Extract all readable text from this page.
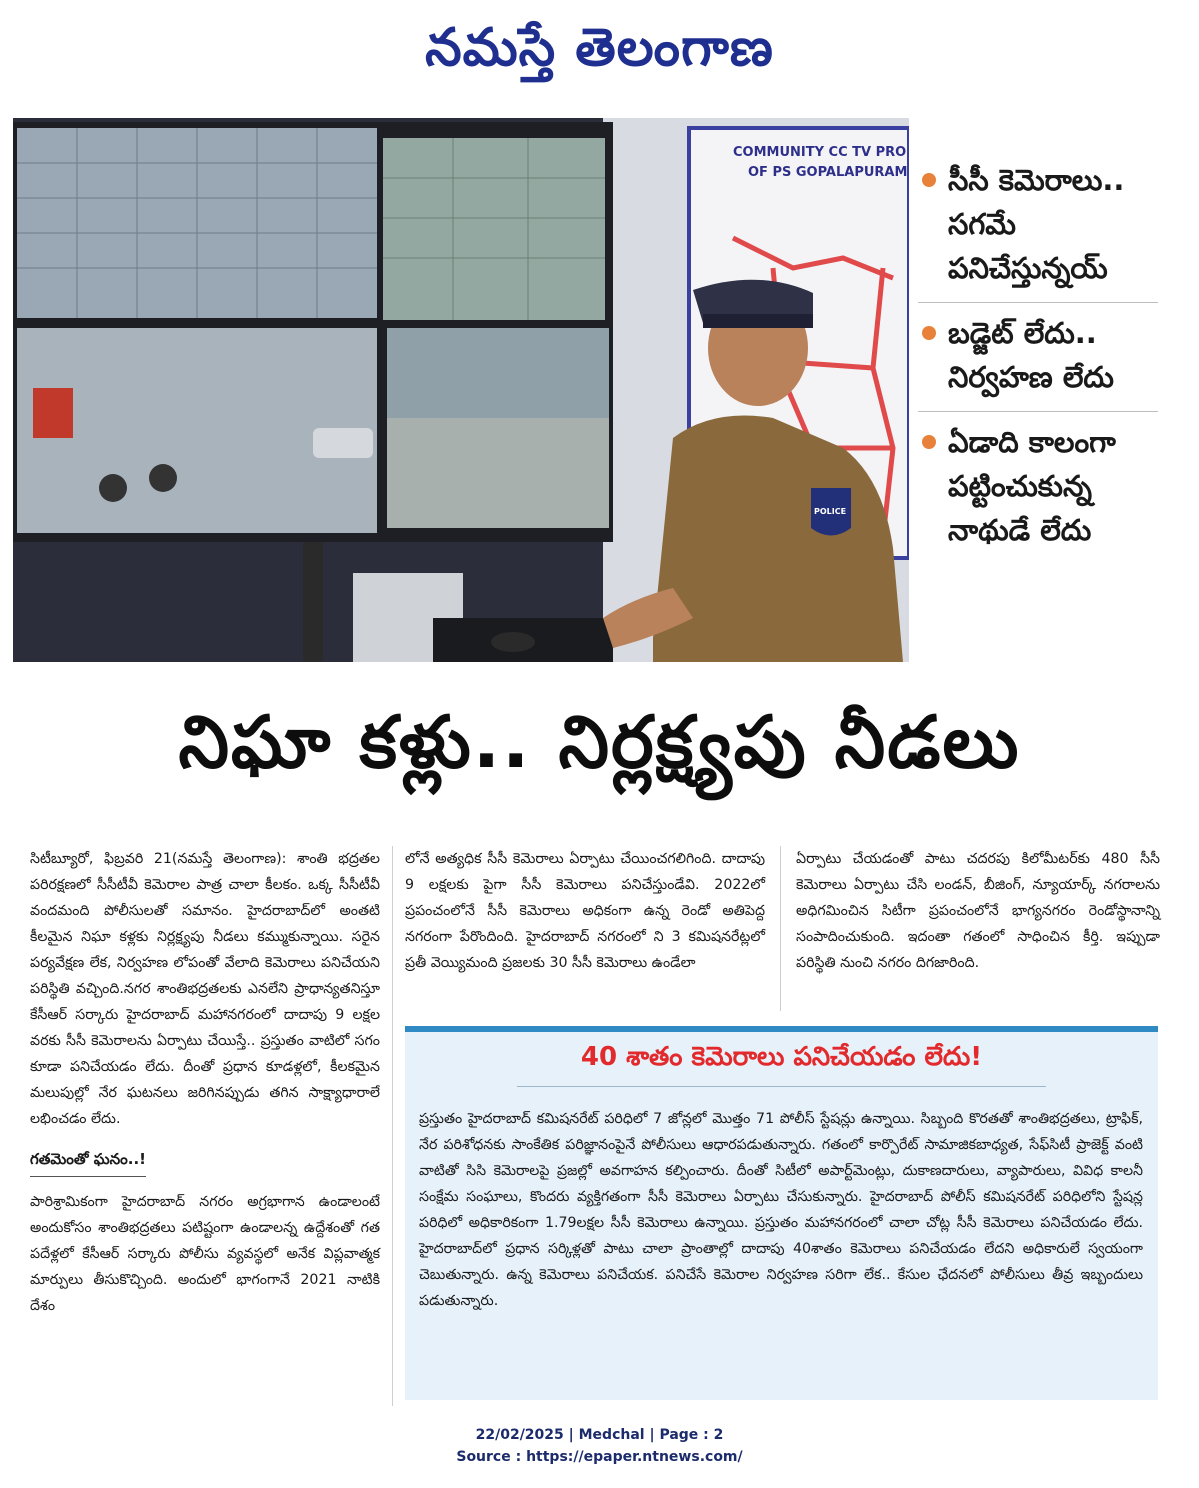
నమస్తే తెలంగాణ
COMMUNITY CC TV PRO
OF PS GOPALAPURAM
POLICE
సీసీ కెమెరాలు..
సగమే
పనిచేస్తున్నయ్
బడ్జెట్ లేదు..
నిర్వహణ లేదు
ఏడాది కాలంగా
పట్టించుకున్న
నాథుడే లేదు
నిఘా కళ్లు.. నిర్లక్ష్యపు నీడలు

సిటీబ్యూరో, ఫిబ్రవరి 21(నమస్తే తెలంగాణ): శాంతి భద్రతల పరిరక్షణలో సీసీటీవీ కెమెరాల పాత్ర చాలా కీలకం. ఒక్క సీసీటీవీ వందమంది పోలీసులతో సమానం. హైదరాబాద్‌లో అంతటి కీలమైన నిఘా కళ్లకు నిర్లక్ష్యపు నీడలు కమ్ముకున్నాయి. సరైన పర్యవేక్షణ లేక, నిర్వహణ లోపంతో వేలాది కెమెరాలు పనిచేయని పరిస్థితి వచ్చింది.నగర శాంతిభద్రతలకు ఎనలేని ప్రాధాన్యతనిస్తూ కేసీఆర్ సర్కారు హైదరాబాద్ మహానగరంలో దాదాపు 9 లక్షల వరకు సీసీ కెమెరాలను ఏర్పాటు చేయిస్తే.. ప్రస్తుతం వాటిలో సగం కూడా పనిచేయడం లేదు. దీంతో ప్రధాన కూడళ్లలో, కీలకమైన మలుపుల్లో నేర ఘటనలు జరిగినప్పుడు తగిన సాక్ష్యాధారాలే లభించడం లేదు.

గతమెంతో ఘనం..!

పారిశ్రామికంగా హైదరాబాద్ నగరం అగ్రభాగాన ఉండాలంటే అందుకోసం శాంతిభద్రతలు పటిష్టంగా ఉండాలన్న ఉద్దేశంతో గత పదేళ్లలో కేసీఆర్ సర్కారు పోలీసు వ్యవస్థలో అనేక విప్లవాత్మక మార్పులు తీసుకొచ్చింది. అందులో భాగంగానే 2021 నాటికి దేశం

లోనే అత్యధిక సీసీ కెమెరాలు ఏర్పాటు చేయించగలిగింది. దాదాపు 9 లక్షలకు పైగా సీసీ కెమెరాలు పనిచేస్తుండేవి. 2022లో ప్రపంచంలోనే సీసీ కెమెరాలు అధికంగా ఉన్న రెండో అతిపెద్ద నగరంగా పేరొందింది. హైదరాబాద్ నగరంలో ని 3 కమిషనరేట్లలో ప్రతీ వెయ్యిమంది ప్రజలకు 30 సీసీ కెమెరాలు ఉండేలా

ఏర్పాటు చేయడంతో పాటు చదరపు కిలోమీటర్‌కు 480 సీసీ కెమెరాలు ఏర్పాటు చేసి లండన్, బీజింగ్, న్యూయార్క్ నగరాలను అధిగమించిన సిటీగా ప్రపంచంలోనే భాగ్యనగరం రెండోస్థానాన్ని సంపాదించుకుంది. ఇదంతా గతంలో సాధించిన కీర్తి. ఇప్పుడా పరిస్థితి నుంచి నగరం దిగజారింది.

40 శాతం కెమెరాలు పనిచేయడం లేదు!
ప్రస్తుతం హైదరాబాద్ కమిషనరేట్ పరిధిలో 7 జోన్లలో మొత్తం 71 పోలీస్ స్టేషన్లు ఉన్నాయి. సిబ్బంది కొరతతో శాంతిభద్రతలు, ట్రాఫిక్, నేర పరిశోధనకు సాంకేతిక పరిజ్ఞానంపైనే పోలీసులు ఆధారపడుతున్నారు. గతంలో కార్పొరేట్ సామాజికబాధ్యత, సేఫ్‌సిటీ ప్రాజెక్ట్ వంటి వాటితో సిసి కెమెరాలపై ప్రజల్లో అవగాహన కల్పించారు. దీంతో సిటీలో అపార్ట్‌మెంట్లు, దుకాణదారులు, వ్యాపారులు, వివిధ కాలనీ సంక్షేమ సంఘాలు, కొందరు వ్యక్తిగతంగా సీసీ కెమెరాలు ఏర్పాటు చేసుకున్నారు. హైదరాబాద్ పోలీస్ కమిషనరేట్ పరిధిలోని స్టేషన్ల పరిధిలో అధికారికంగా 1.79లక్షల సీసీ కెమెరాలు ఉన్నాయి. ప్రస్తుతం మహానగరంలో చాలా చోట్ల సీసీ కెమెరాలు పనిచేయడం లేదు. హైదరాబాద్‌లో ప్రధాన సర్కిళ్లతో పాటు చాలా ప్రాంతాల్లో దాదాపు 40శాతం కెమెరాలు పనిచేయడం లేదని అధికారులే స్వయంగా చెబుతున్నారు. ఉన్న కెమెరాలు పనిచేయక. పనిచేసే కెమెరాల నిర్వహణ సరిగా లేక.. కేసుల ఛేదనలో పోలీసులు తీవ్ర ఇబ్బందులు పడుతున్నారు.
22/02/2025 | Medchal | Page : 2
Source : https://epaper.ntnews.com/
